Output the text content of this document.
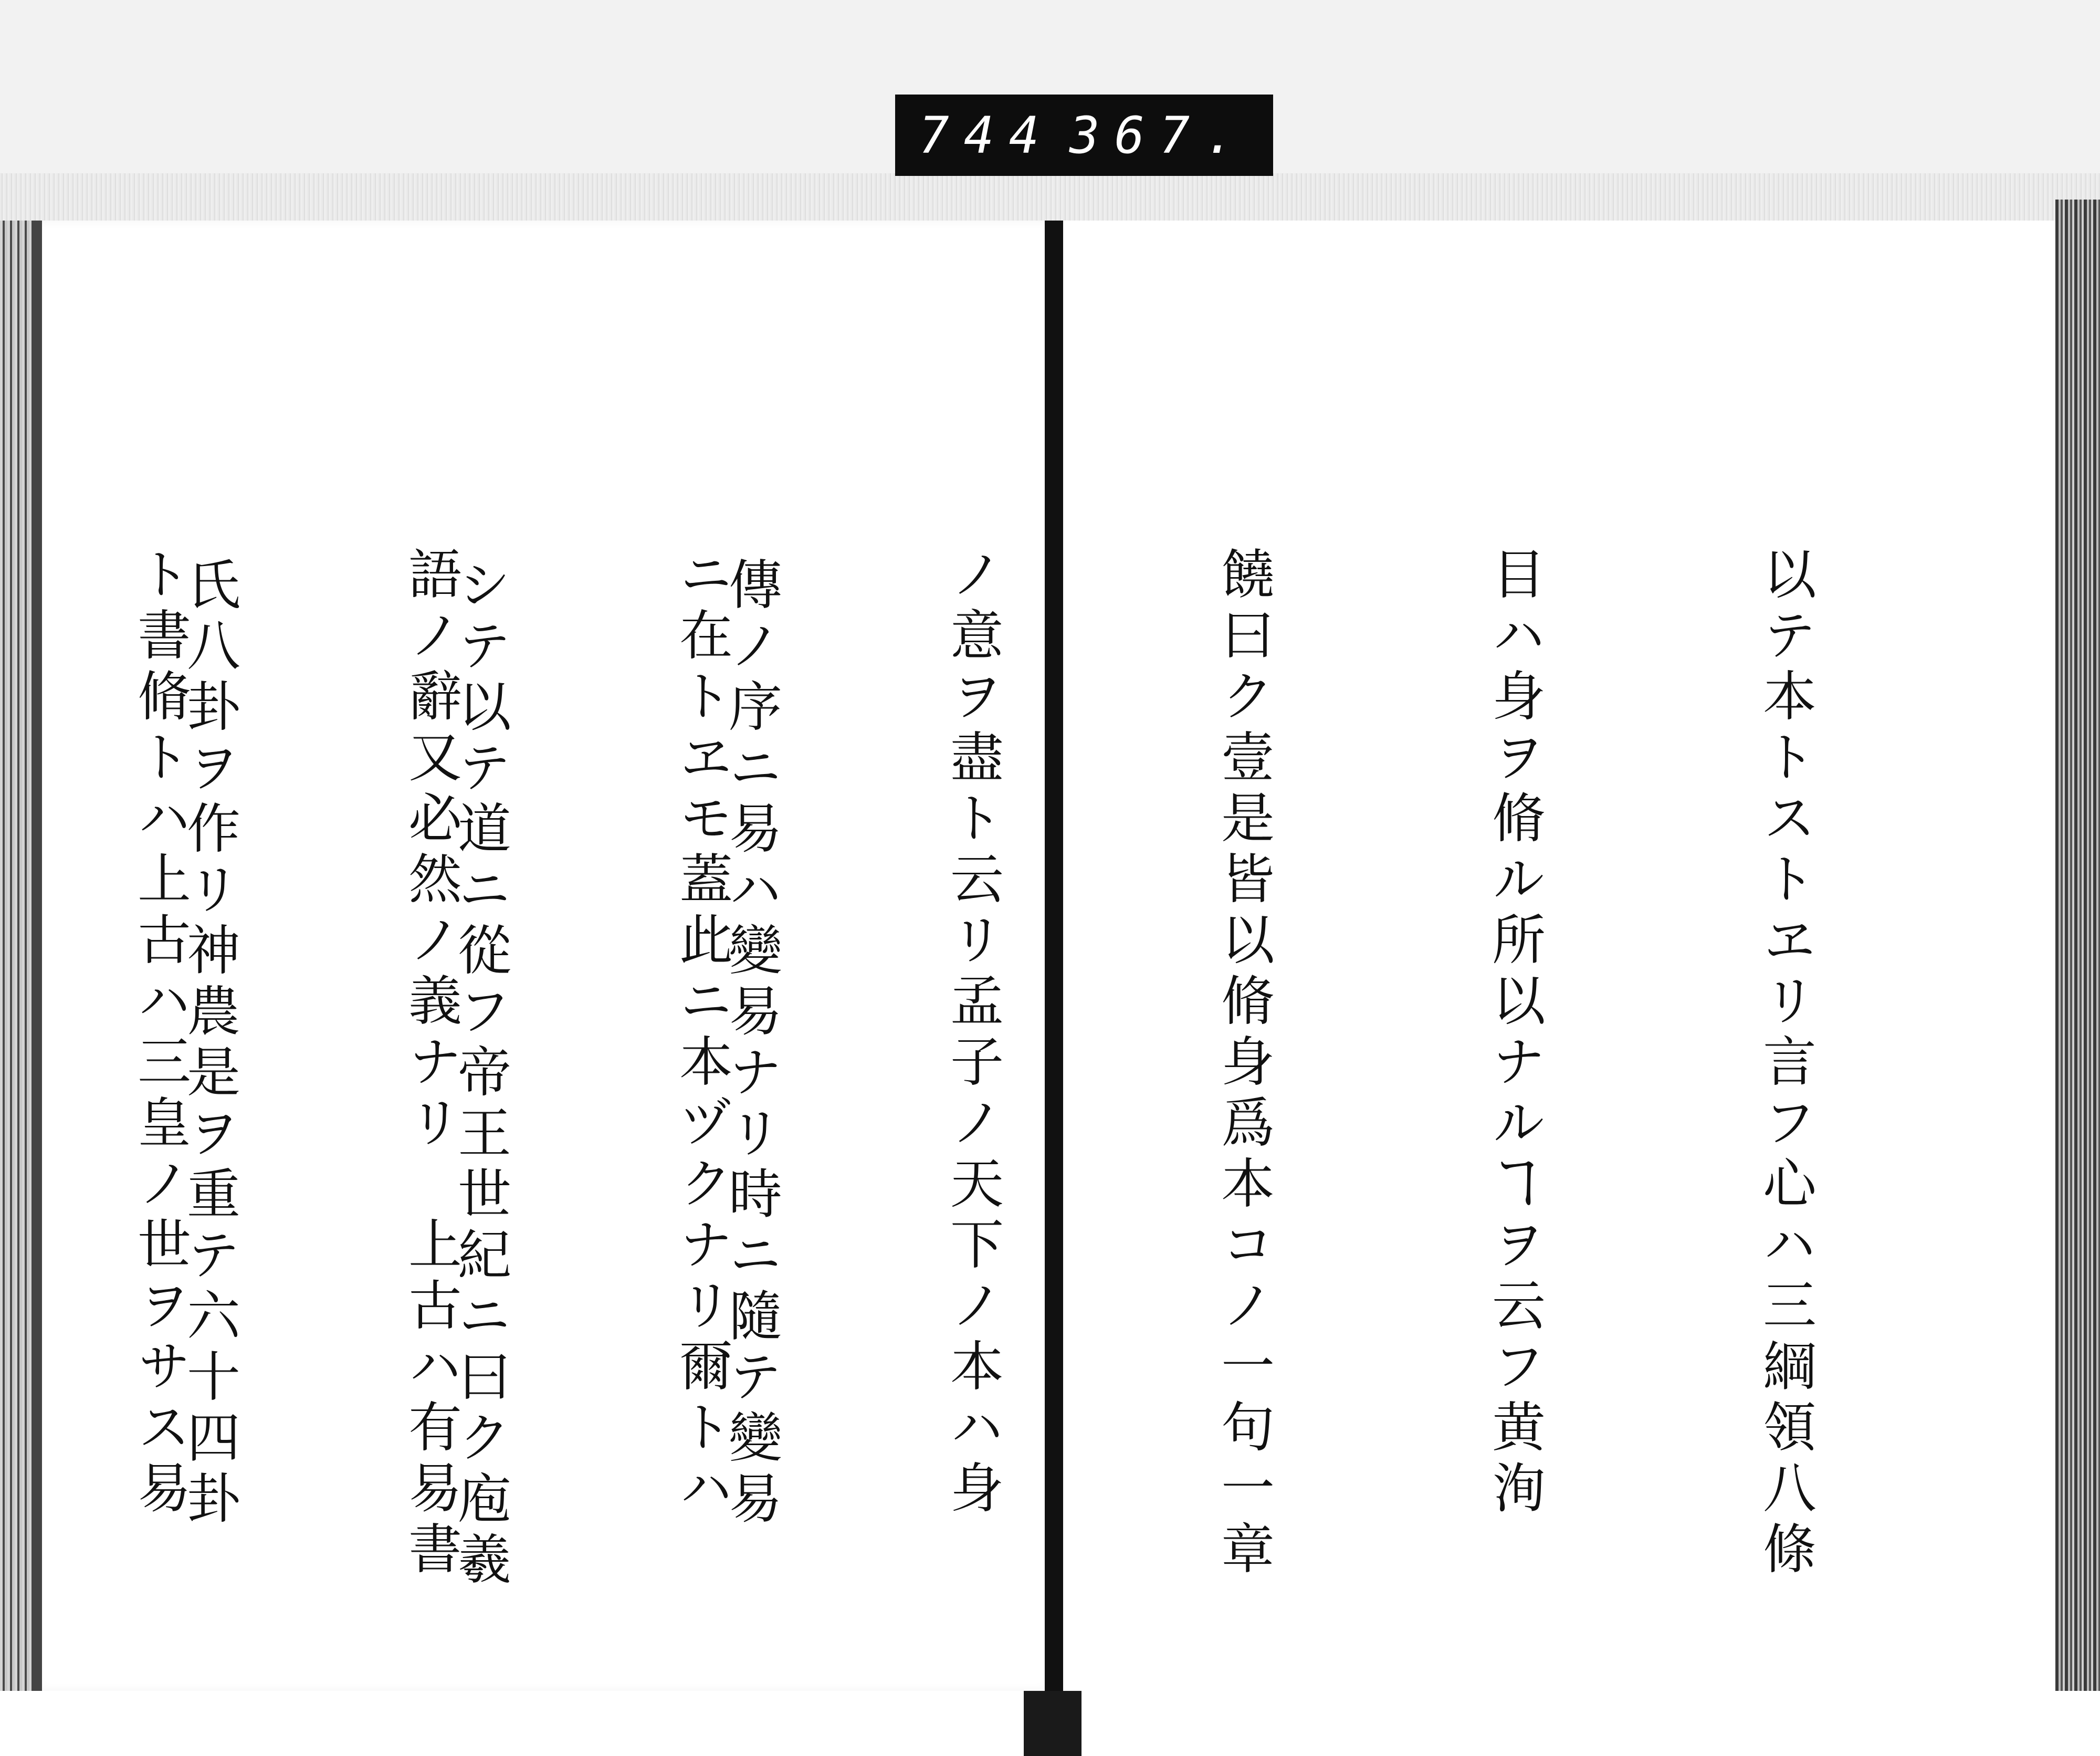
744 367.

以テ本トストヱリ言フ心ハ三綱領八條

目ハ身ヲ脩ル所以ナルヿヲ云フ黄洵

饒曰ク壹是皆以脩身爲本コノ一句一章

ノ意ヲ盡ト云リ孟子ノ天下ノ本ハ身

ニ在トヱモ蓋此ニ本ヅクナリ爾トハ

語ノ辭又必然ノ義ナリ　上古ハ有易書

ト書脩トハ上古ハ三皇ノ世ヲサス易

	傳ノ序ニ易ハ變易ナリ時ニ隨テ變易

シテ以テ道ニ從フ帝王世紀ニ曰ク庖羲

氏八卦ヲ作リ神農是ヲ重テ六十四卦
